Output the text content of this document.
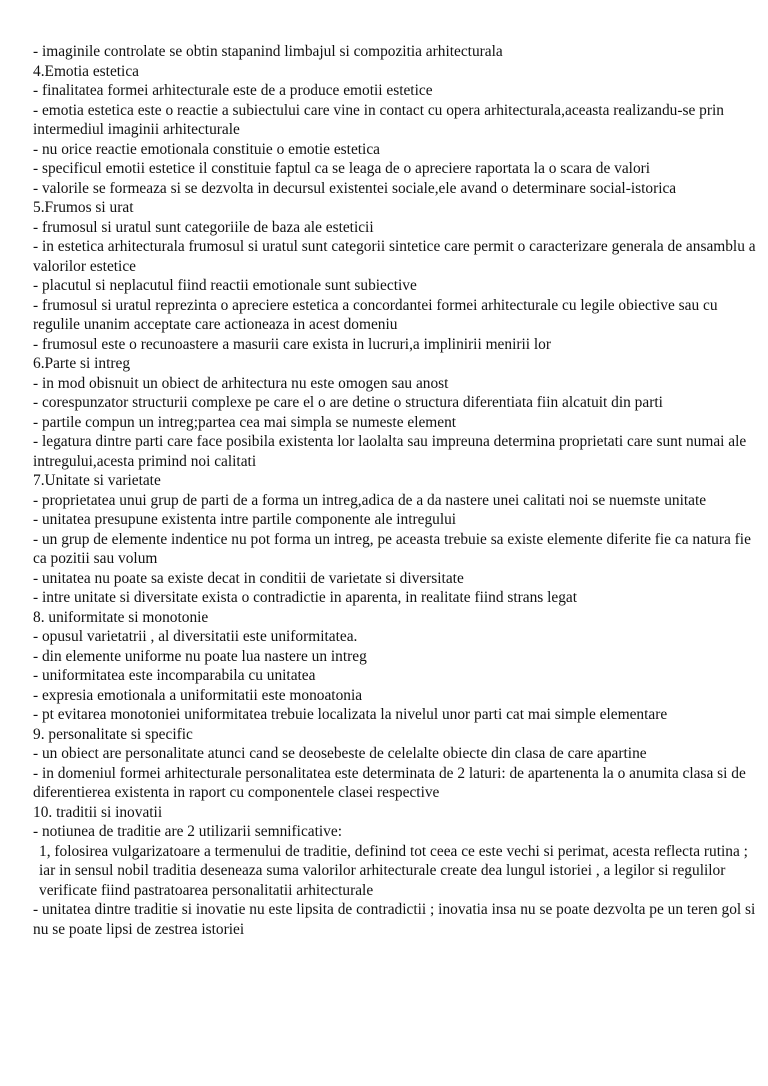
- imaginile controlate se obtin stapanind limbajul si compozitia arhitecturala

4.Emotia estetica

- finalitatea formei arhitecturale este de a produce emotii estetice

- emotia estetica este o reactie a subiectului care vine in contact cu opera arhitecturala,aceasta realizandu-se prin intermediul imaginii arhitecturale

- nu orice reactie emotionala constituie o emotie estetica

- specificul emotii estetice il constituie faptul ca se leaga de o apreciere raportata la o scara de valori

- valorile se formeaza si se dezvolta in decursul existentei sociale,ele avand o determinare social-istorica

5.Frumos si urat

- frumosul si uratul sunt categoriile de baza ale esteticii

- in estetica arhitecturala frumosul si uratul sunt categorii sintetice care permit o caracterizare generala de ansamblu a valorilor estetice

- placutul si neplacutul fiind reactii emotionale sunt subiective

- frumosul si uratul reprezinta o apreciere estetica a concordantei formei arhitecturale cu legile obiective sau cu regulile unanim acceptate care actioneaza in acest domeniu

- frumosul este o recunoastere a masurii care exista in lucruri,a implinirii menirii lor

6.Parte si intreg

- in mod obisnuit un obiect de arhitectura nu este omogen sau anost

- corespunzator structurii complexe pe care el o are detine o structura diferentiata fiin alcatuit din parti

- partile compun un intreg;partea cea mai simpla se numeste element

- legatura dintre parti care face posibila existenta lor laolalta sau impreuna determina proprietati care sunt numai ale intregului,acesta primind noi calitati

7.Unitate si varietate

- proprietatea unui grup de parti de a forma un intreg,adica de a da nastere unei calitati noi se nuemste unitate

- unitatea presupune existenta intre partile componente ale intregului

- un grup de elemente indentice nu pot forma un intreg, pe aceasta trebuie sa existe elemente diferite fie ca natura fie ca pozitii sau volum

- unitatea nu poate sa existe decat in conditii de varietate si diversitate

- intre unitate si diversitate exista o contradictie in aparenta, in realitate fiind strans legat

8. uniformitate si monotonie

- opusul varietatrii , al diversitatii este uniformitatea.

- din elemente uniforme nu poate lua nastere un intreg

- uniformitatea este incomparabila cu unitatea

- expresia emotionala a uniformitatii este monoatonia

- pt evitarea monotoniei uniformitatea trebuie localizata la nivelul unor parti cat mai simple elementare

9. personalitate si specific

- un obiect are personalitate atunci cand se deosebeste de celelalte obiecte din clasa de care apartine

- in domeniul formei arhitecturale personalitatea este determinata de 2 laturi: de apartenenta la o anumita clasa si de diferentierea existenta in raport cu componentele clasei respective

10. traditii si inovatii

- notiunea de traditie are 2 utilizarii semnificative:

1, folosirea vulgarizatoare a termenului de traditie, definind tot ceea ce este vechi si perimat, acesta reflecta rutina ; iar in sensul nobil traditia deseneaza suma valorilor arhitecturale create dea lungul istoriei , a legilor si regulilor verificate fiind pastratoarea personalitatii arhitecturale

- unitatea dintre traditie si inovatie nu este lipsita de contradictii ; inovatia insa nu se poate dezvolta pe un teren gol si nu se poate lipsi de zestrea istoriei
